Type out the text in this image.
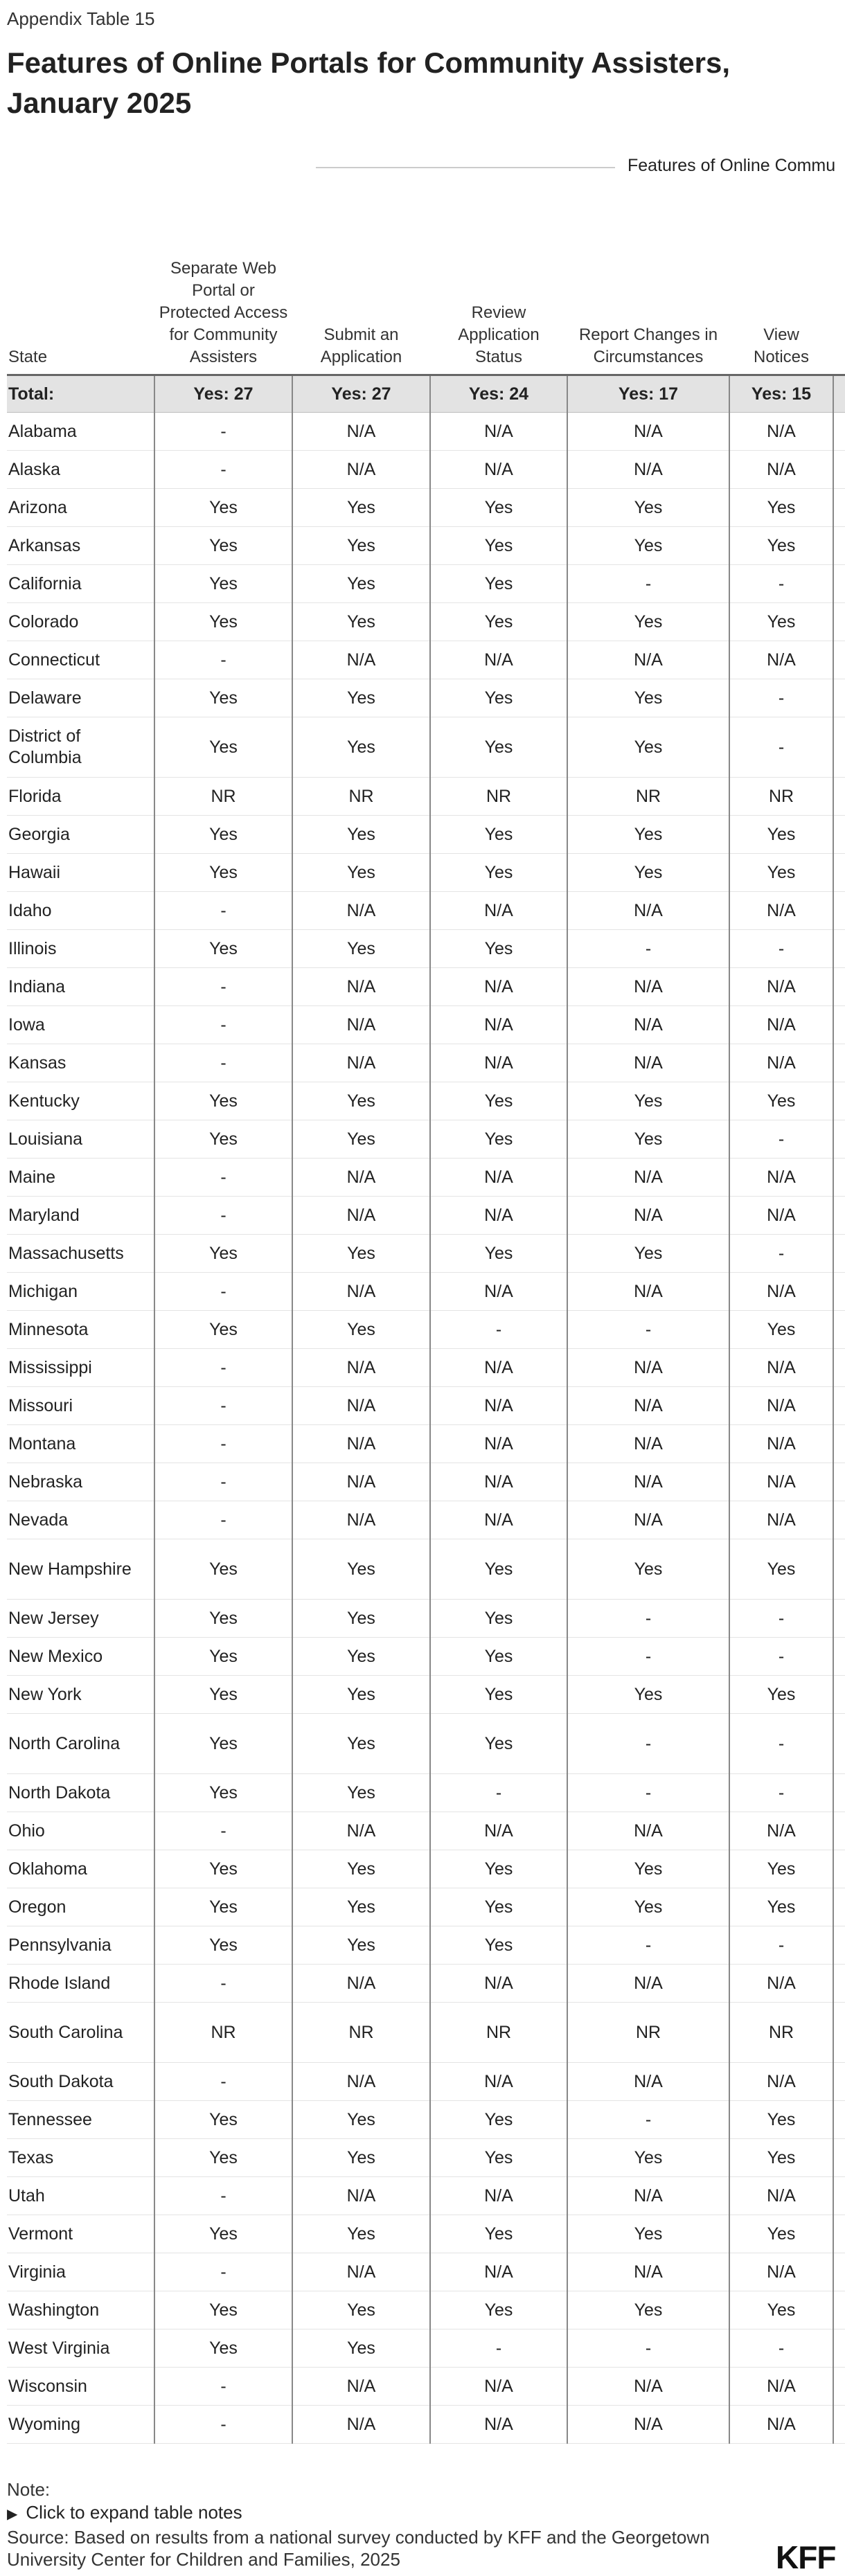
Appendix Table 15
Features of Online Portals for Community Assisters, January 2025
Features of Online Commu
State	Separate Web Portal or Protected Access for Community Assisters	Submit an Application	Review Application Status	Report Changes in Circumstances	View Notices	
Total:	Yes: 27	Yes: 27	Yes: 24	Yes: 17	Yes: 15	
Alabama	-	N/A	N/A	N/A	N/A	
Alaska	-	N/A	N/A	N/A	N/A	
Arizona	Yes	Yes	Yes	Yes	Yes	
Arkansas	Yes	Yes	Yes	Yes	Yes	
California	Yes	Yes	Yes	-	-	
Colorado	Yes	Yes	Yes	Yes	Yes	
Connecticut	-	N/A	N/A	N/A	N/A	
Delaware	Yes	Yes	Yes	Yes	-	
District of Columbia	Yes	Yes	Yes	Yes	-	
Florida	NR	NR	NR	NR	NR	
Georgia	Yes	Yes	Yes	Yes	Yes	
Hawaii	Yes	Yes	Yes	Yes	Yes	
Idaho	-	N/A	N/A	N/A	N/A	
Illinois	Yes	Yes	Yes	-	-	
Indiana	-	N/A	N/A	N/A	N/A	
Iowa	-	N/A	N/A	N/A	N/A	
Kansas	-	N/A	N/A	N/A	N/A	
Kentucky	Yes	Yes	Yes	Yes	Yes	
Louisiana	Yes	Yes	Yes	Yes	-	
Maine	-	N/A	N/A	N/A	N/A	
Maryland	-	N/A	N/A	N/A	N/A	
Massachusetts	Yes	Yes	Yes	Yes	-	
Michigan	-	N/A	N/A	N/A	N/A	
Minnesota	Yes	Yes	-	-	Yes	
Mississippi	-	N/A	N/A	N/A	N/A	
Missouri	-	N/A	N/A	N/A	N/A	
Montana	-	N/A	N/A	N/A	N/A	
Nebraska	-	N/A	N/A	N/A	N/A	
Nevada	-	N/A	N/A	N/A	N/A	
New Hampshire	Yes	Yes	Yes	Yes	Yes	
New Jersey	Yes	Yes	Yes	-	-	
New Mexico	Yes	Yes	Yes	-	-	
New York	Yes	Yes	Yes	Yes	Yes	
North Carolina	Yes	Yes	Yes	-	-	
North Dakota	Yes	Yes	-	-	-	
Ohio	-	N/A	N/A	N/A	N/A	
Oklahoma	Yes	Yes	Yes	Yes	Yes	
Oregon	Yes	Yes	Yes	Yes	Yes	
Pennsylvania	Yes	Yes	Yes	-	-	
Rhode Island	-	N/A	N/A	N/A	N/A	
South Carolina	NR	NR	NR	NR	NR	
South Dakota	-	N/A	N/A	N/A	N/A	
Tennessee	Yes	Yes	Yes	-	Yes	
Texas	Yes	Yes	Yes	Yes	Yes	
Utah	-	N/A	N/A	N/A	N/A	
Vermont	Yes	Yes	Yes	Yes	Yes	
Virginia	-	N/A	N/A	N/A	N/A	
Washington	Yes	Yes	Yes	Yes	Yes	
West Virginia	Yes	Yes	-	-	-	
Wisconsin	-	N/A	N/A	N/A	N/A	
Wyoming	-	N/A	N/A	N/A	N/A	
Note:
▶ Click to expand table notes
Source: Based on results from a national survey conducted by KFF and the Georgetown University Center for Children and Families, 2025	KFF
